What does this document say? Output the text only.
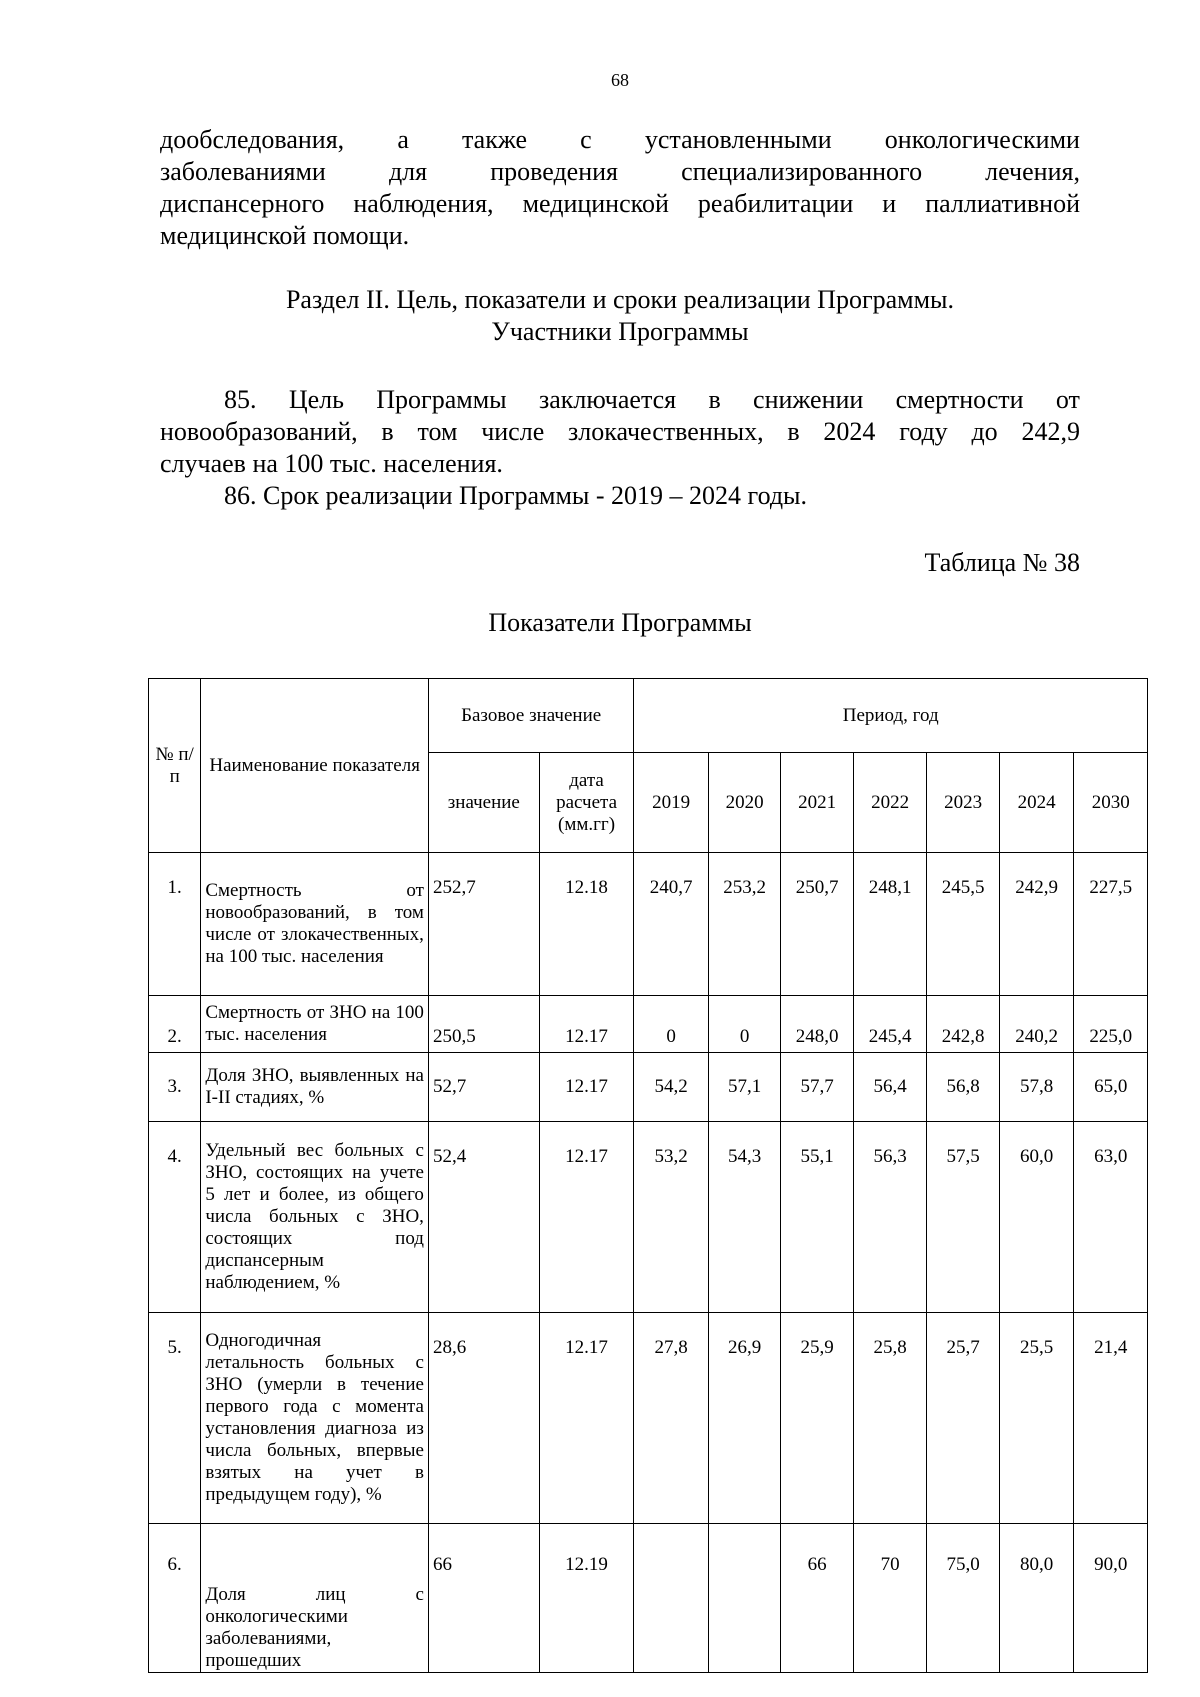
68
дообследования, а также с установленными онкологическими
заболеваниями для проведения специализированного лечения,
диспансерного наблюдения, медицинской реабилитации и паллиативной
медицинской помощи.
Раздел II. Цель, показатели и сроки реализации Программы.
Участники Программы
85. Цель Программы заключается в снижении смертности от
новообразований, в том числе злокачественных, в 2024 году до 242,9
случаев на 100 тыс. населения.
86. Срок реализации Программы - 2019 – 2024 годы.
Таблица № 38
Показатели Программы
№ п/п	Наименование показателя	Базовое значение		Период, год						
		значение	дата расчета (мм.гг)	2019	2020	2021	2022	2023	2024	2030
1.	Смертность от новообразований, в том числе от злокачественных, на 100 тыс. населения	252,7	12.18	240,7	253,2	250,7	248,1	245,5	242,9	227,5
2.	Смертность от ЗНО на 100 тыс. населения	250,5	12.17	0	0	248,0	245,4	242,8	240,2	225,0
3.	Доля ЗНО, выявленных на I-II стадиях, %	52,7	12.17	54,2	57,1	57,7	56,4	56,8	57,8	65,0
4.	Удельный вес больных с ЗНО, состоящих на учете 5 лет и более, из общего числа больных с ЗНО, состоящих под диспансерным наблюдением, %	52,4	12.17	53,2	54,3	55,1	56,3	57,5	60,0	63,0
5.	Одногодичная летальность больных с ЗНО (умерли в течение первого года с момента установления диагноза из числа больных, впервые взятых на учет в предыдущем году), %	28,6	12.17	27,8	26,9	25,9	25,8	25,7	25,5	21,4
6.	Доля лиц с онкологическими заболеваниями, прошедших	66	12.19			66	70	75,0	80,0	90,0
